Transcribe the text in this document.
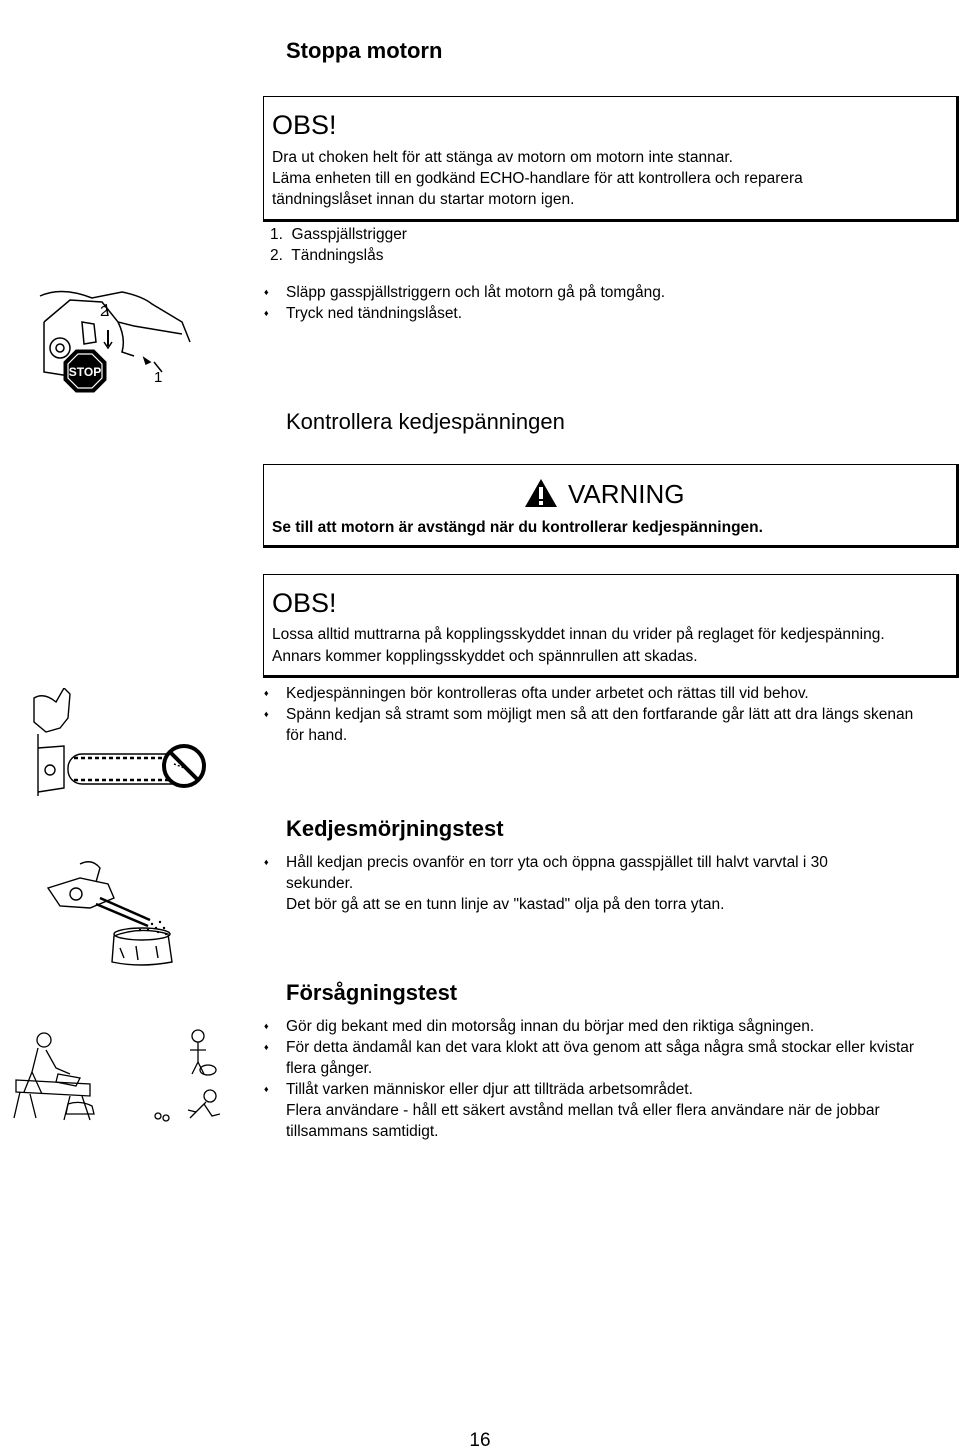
Stoppa motorn
OBS!
Dra ut choken helt för att stänga av motorn om motorn inte stannar.
Läma enheten till en godkänd ECHO-handlare för att kontrollera och reparera
tändningslåset innan du startar motorn igen.
1.  Gasspjällstrigger
2.  Tändningslås
♦	Släpp gasspjällstriggern och låt motorn gå på tomgång.
♦	Tryck ned tändningslåset.
STOP	1
2
Kontrollera kedjespänningen
VARNING
Se till att motorn är avstängd när du kontrollerar kedjespänningen.
OBS!
Lossa alltid muttrarna på kopplingsskyddet innan du vrider på reglaget för kedjespänning.
Annars kommer kopplingsskyddet och spännrullen att skadas.
♦	Kedjespänningen bör kontrolleras ofta under arbetet och rättas till vid behov.
♦	Spänn kedjan så stramt som möjligt men så att den fortfarande går lätt att dra längs skenan
för hand.
Kedjesmörjningstest
♦	Håll kedjan precis ovanför en torr yta och öppna gasspjället till halvt varvtal i 30
sekunder.
Det bör gå att se en tunn linje av "kastad" olja på den torra ytan.
Försågningstest
♦	Gör dig bekant med din motorsåg innan du börjar med den riktiga sågningen.
♦	För detta ändamål kan det vara klokt att öva genom att såga några små stockar eller kvistar
flera gånger.
♦	Tillåt varken människor eller djur att tillträda arbetsområdet.
Flera användare - håll ett säkert avstånd mellan två eller flera användare när de jobbar
tillsammans samtidigt.
16
